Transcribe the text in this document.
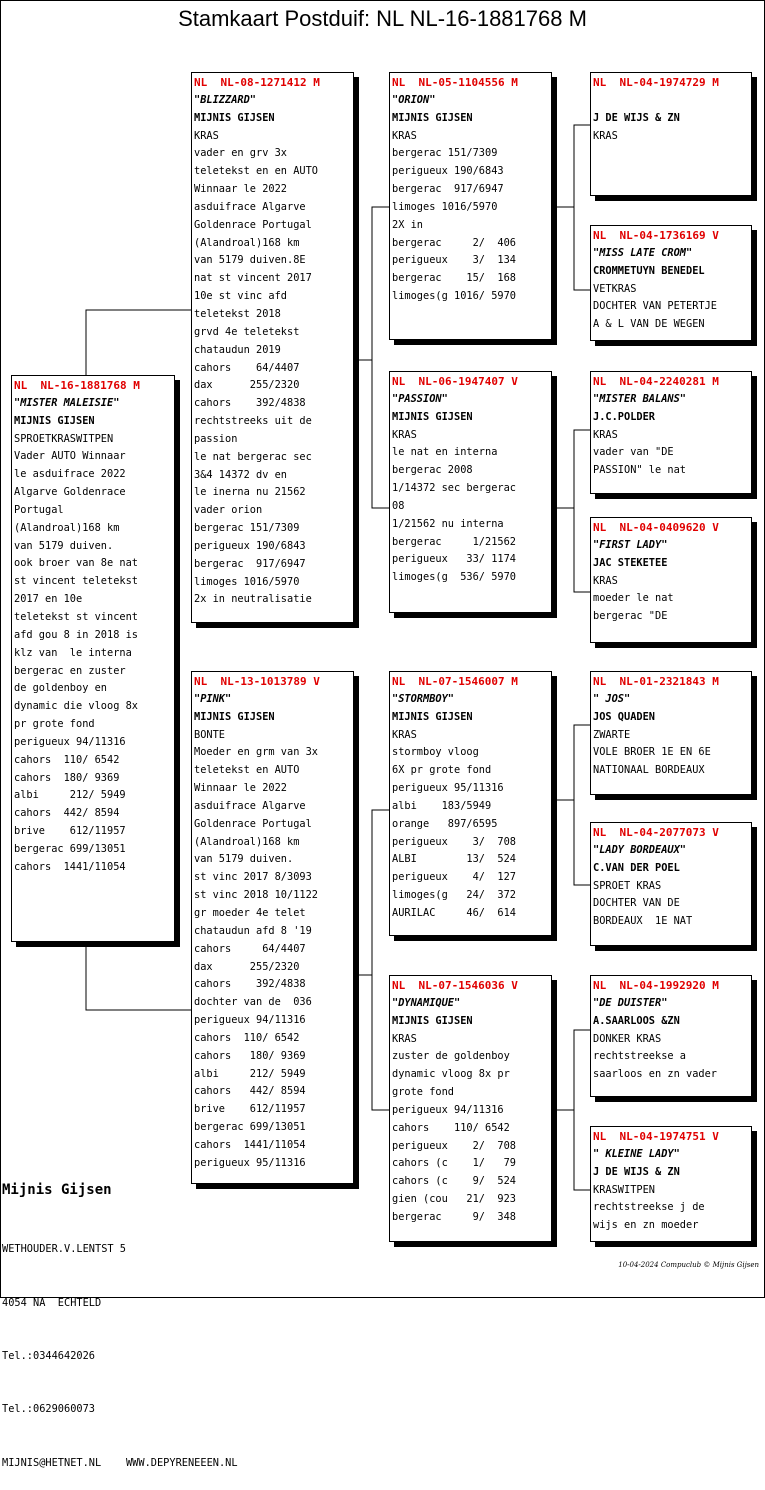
Stamkaart Postduif: NL NL-16-1881768 M
NL  NL-16-1881768 M
"MISTER MALEISIE"
MIJNIS GIJSEN
SPROETKRASWITPEN
Vader AUTO Winnaar
le asduifrace 2022
Algarve Goldenrace
Portugal
(Alandroal)168 km
van 5179 duiven.
ook broer van 8e nat
st vincent teletekst
2017 en 10e
teletekst st vincent
afd gou 8 in 2018 is
klz van  le interna
bergerac en zuster
de goldenboy en
dynamic die vloog 8x
pr grote fond
perigueux 94/11316
cahors  110/ 6542
cahors  180/ 9369
albi     212/ 5949
cahors  442/ 8594
brive    612/11957
bergerac 699/13051
cahors  1441/11054
NL  NL-08-1271412 M
"BLIZZARD"
MIJNIS GIJSEN
KRAS
vader en grv 3x
teletekst en en AUTO
Winnaar le 2022
asduifrace Algarve
Goldenrace Portugal
(Alandroal)168 km
van 5179 duiven.8E
nat st vincent 2017
10e st vinc afd
teletekst 2018
grvd 4e teletekst
chataudun 2019
cahors    64/4407
dax      255/2320
cahors    392/4838
rechtstreeks uit de
passion
le nat bergerac sec
3&4 14372 dv en
le inerna nu 21562
vader orion
bergerac 151/7309
perigueux 190/6843
bergerac  917/6947
limoges 1016/5970
2x in neutralisatie
NL  NL-13-1013789 V
"PINK"
MIJNIS GIJSEN
BONTE
Moeder en grm van 3x
teletekst en AUTO
Winnaar le 2022
asduifrace Algarve
Goldenrace Portugal
(Alandroal)168 km
van 5179 duiven.
st vinc 2017 8/3093
st vinc 2018 10/1122
gr moeder 4e telet
chataudun afd 8 '19
cahors     64/4407
dax      255/2320
cahors    392/4838
dochter van de  036
perigueux 94/11316
cahors  110/ 6542
cahors   180/ 9369
albi     212/ 5949
cahors   442/ 8594
brive    612/11957
bergerac 699/13051
cahors  1441/11054
perigueux 95/11316
NL  NL-05-1104556 M
"ORION"
MIJNIS GIJSEN
KRAS
bergerac 151/7309
perigueux 190/6843
bergerac  917/6947
limoges 1016/5970
2X in
bergerac     2/  406
perigueux    3/  134
bergerac    15/  168
limoges(g 1016/ 5970
NL  NL-06-1947407 V
"PASSION"
MIJNIS GIJSEN
KRAS
le nat en interna
bergerac 2008
1/14372 sec bergerac
08
1/21562 nu interna
bergerac     1/21562
perigueux   33/ 1174
limoges(g  536/ 5970
NL  NL-07-1546007 M
"STORMBOY"
MIJNIS GIJSEN
KRAS
stormboy vloog
6X pr grote fond
perigueux 95/11316
albi    183/5949
orange   897/6595
perigueux    3/  708
ALBI        13/  524
perigueux    4/  127
limoges(g   24/  372
AURILAC     46/  614
NL  NL-07-1546036 V
"DYNAMIQUE"
MIJNIS GIJSEN
KRAS
zuster de goldenboy
dynamic vloog 8x pr
grote fond
perigueux 94/11316
cahors    110/ 6542
perigueux    2/  708
cahors (c    1/   79
cahors (c    9/  524
gien (cou   21/  923
bergerac     9/  348
NL  NL-04-1974729 M

J DE WIJS & ZN
KRAS
NL  NL-04-1736169 V
"MISS LATE CROM"
CROMMETUYN BENEDEL
VETKRAS
DOCHTER VAN PETERTJE
A & L VAN DE WEGEN
NL  NL-04-2240281 M
"MISTER BALANS"
J.C.POLDER
KRAS
vader van "DE
PASSION" le nat
NL  NL-04-0409620 V
"FIRST LADY"
JAC STEKETEE
KRAS
moeder le nat
bergerac "DE
NL  NL-01-2321843 M
" JOS"
JOS QUADEN
ZWARTE
VOLE BROER 1E EN 6E
NATIONAAL BORDEAUX
NL  NL-04-2077073 V
"LADY BORDEAUX"
C.VAN DER POEL
SPROET KRAS
DOCHTER VAN DE
BORDEAUX  1E NAT
NL  NL-04-1992920 M
"DE DUISTER"
A.SAARLOOS &ZN
DONKER KRAS
rechtstreekse a
saarloos en zn vader
NL  NL-04-1974751 V
" KLEINE LADY"
J DE WIJS & ZN
KRASWITPEN
rechtstreekse j de
wijs en zn moeder

Mijnis Gijsen

WETHOUDER.V.LENTST 5

4054 NA  ECHTELD

Tel.:0344642026

Tel.:0629060073

MIJNIS@HETNET.NL    WWW.DEPYRENEEEN.NL

10-04-2024 Compuclub © Mijnis Gijsen
